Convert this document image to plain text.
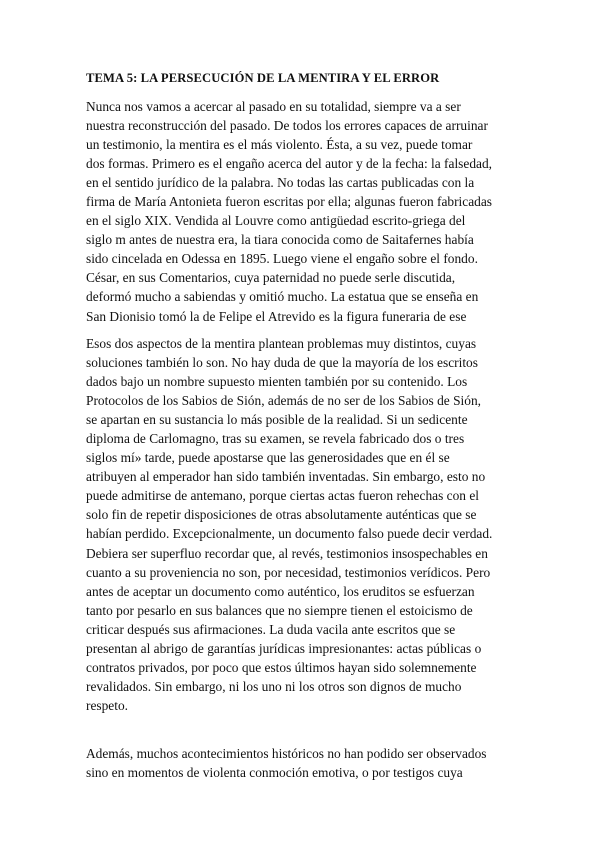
TEMA 5: LA PERSECUCIÓN DE LA MENTIRA Y EL ERROR
Nunca nos vamos a acercar al pasado en su totalidad, siempre va a ser
nuestra reconstrucción del pasado. De todos los errores capaces de arruinar
un testimonio, la mentira es el más violento. Ésta, a su vez, puede tomar
dos formas. Primero es el engaño acerca del autor y de la fecha: la falsedad,
en el sentido jurídico de la palabra. No todas las cartas publicadas con la
firma de María Antonieta fueron escritas por ella; algunas fueron fabricadas
en el siglo XIX. Vendida al Louvre como antigüedad escrito-griega del
siglo m antes de nuestra era, la tiara conocida como de Saitafernes había
sido cincelada en Odessa en 1895. Luego viene el engaño sobre el fondo.
César, en sus Comentarios, cuya paternidad no puede serle discutida,
deformó mucho a sabiendas y omitió mucho. La estatua que se enseña en
San Dionisio tomó la de Felipe el Atrevido es la figura funeraria de ese
Esos dos aspectos de la mentira plantean problemas muy distintos, cuyas
soluciones también lo son. No hay duda de que la mayoría de los escritos
dados bajo un nombre supuesto mienten también por su contenido. Los
Protocolos de los Sabios de Sión, además de no ser de los Sabios de Sión,
se apartan en su sustancia lo más posible de la realidad. Si un sedicente
diploma de Carlomagno, tras su examen, se revela fabricado dos o tres
siglos mí» tarde, puede apostarse que las generosidades que en él se
atribuyen al emperador han sido también inventadas. Sin embargo, esto no
puede admitirse de antemano, porque ciertas actas fueron rehechas con el
solo fin de repetir disposiciones de otras absolutamente auténticas que se
habían perdido. Excepcionalmente, un documento falso puede decir verdad.
Debiera ser superfluo recordar que, al revés, testimonios insospechables en
cuanto a su proveniencia no son, por necesidad, testimonios verídicos. Pero
antes de aceptar un documento como auténtico, los eruditos se esfuerzan
tanto por pesarlo en sus balances que no siempre tienen el estoicismo de
criticar después sus afirmaciones. La duda vacila ante escritos que se
presentan al abrigo de garantías jurídicas impresionantes: actas públicas o
contratos privados, por poco que estos últimos hayan sido solemnemente
revalidados. Sin embargo, ni los uno ni los otros son dignos de mucho
respeto.
Además, muchos acontecimientos históricos no han podido ser observados
sino en momentos de violenta conmoción emotiva, o por testigos cuya
